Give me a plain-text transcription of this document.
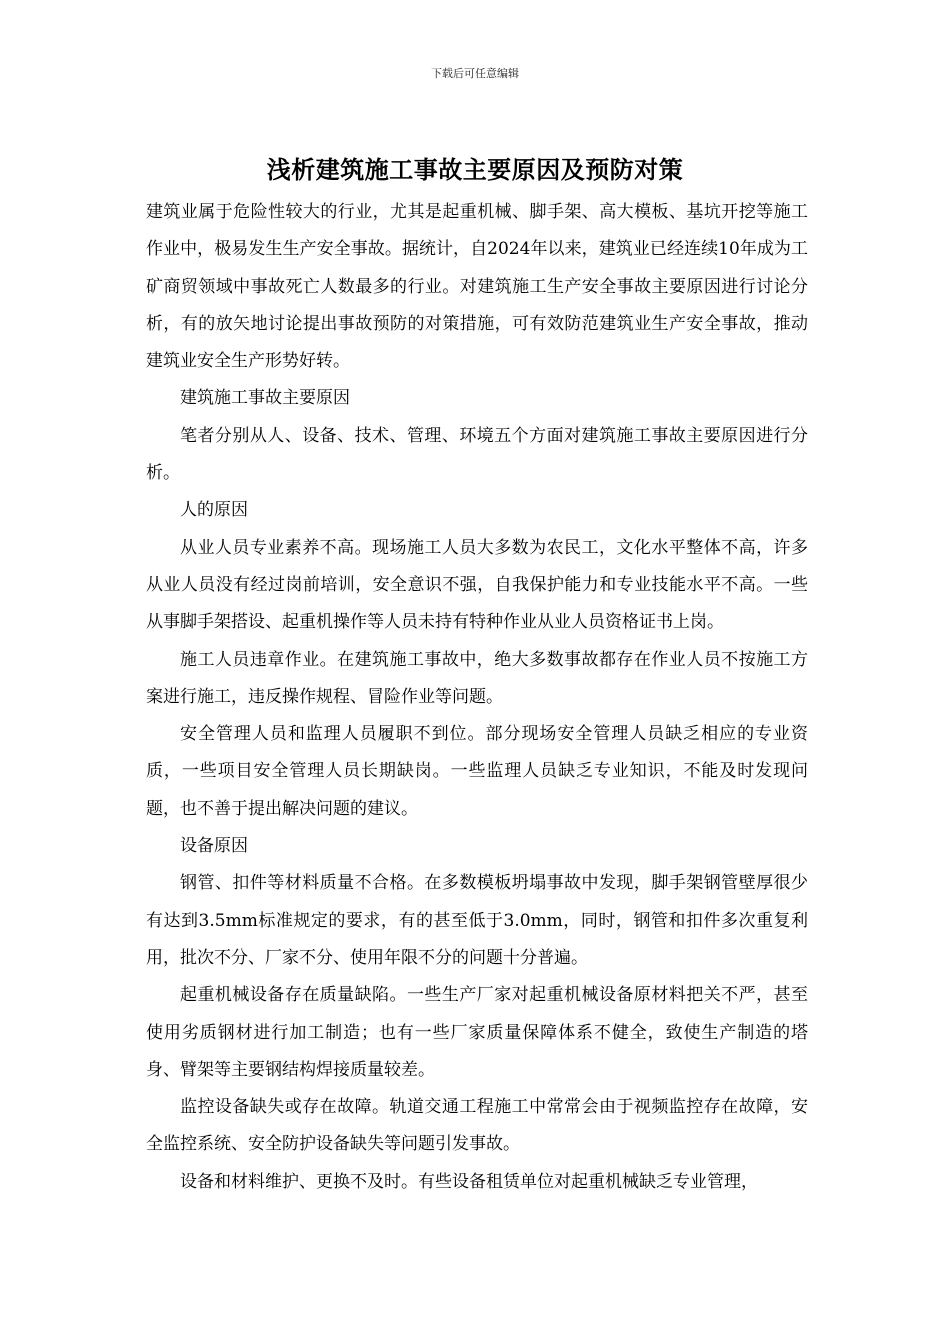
下载后可任意编辑
浅析建筑施工事故主要原因及预防对策

建筑业属于危险性较大的行业，尤其是起重机械、脚手架、高大模板、基坑开挖等施工作业中，极易发生生产安全事故。据统计，自2024年以来，建筑业已经连续10年成为工矿商贸领域中事故死亡人数最多的行业。对建筑施工生产安全事故主要原因进行讨论分析，有的放矢地讨论提出事故预防的对策措施，可有效防范建筑业生产安全事故，推动建筑业安全生产形势好转。

建筑施工事故主要原因

笔者分别从人、设备、技术、管理、环境五个方面对建筑施工事故主要原因进行分析。

人的原因

从业人员专业素养不高。现场施工人员大多数为农民工，文化水平整体不高，许多从业人员没有经过岗前培训，安全意识不强，自我保护能力和专业技能水平不高。一些从事脚手架搭设、起重机操作等人员未持有特种作业从业人员资格证书上岗。

施工人员违章作业。在建筑施工事故中，绝大多数事故都存在作业人员不按施工方案进行施工，违反操作规程、冒险作业等问题。

安全管理人员和监理人员履职不到位。部分现场安全管理人员缺乏相应的专业资质，一些项目安全管理人员长期缺岗。一些监理人员缺乏专业知识，不能及时发现问题，也不善于提出解决问题的建议。

设备原因

钢管、扣件等材料质量不合格。在多数模板坍塌事故中发现，脚手架钢管壁厚很少有达到3.5mm标准规定的要求，有的甚至低于3.0mm，同时，钢管和扣件多次重复利用，批次不分、厂家不分、使用年限不分的问题十分普遍。

起重机械设备存在质量缺陷。一些生产厂家对起重机械设备原材料把关不严，甚至使用劣质钢材进行加工制造；也有一些厂家质量保障体系不健全，致使生产制造的塔身、臂架等主要钢结构焊接质量较差。

监控设备缺失或存在故障。轨道交通工程施工中常常会由于视频监控存在故障，安全监控系统、安全防护设备缺失等问题引发事故。

设备和材料维护、更换不及时。有些设备租赁单位对起重机械缺乏专业管理，
